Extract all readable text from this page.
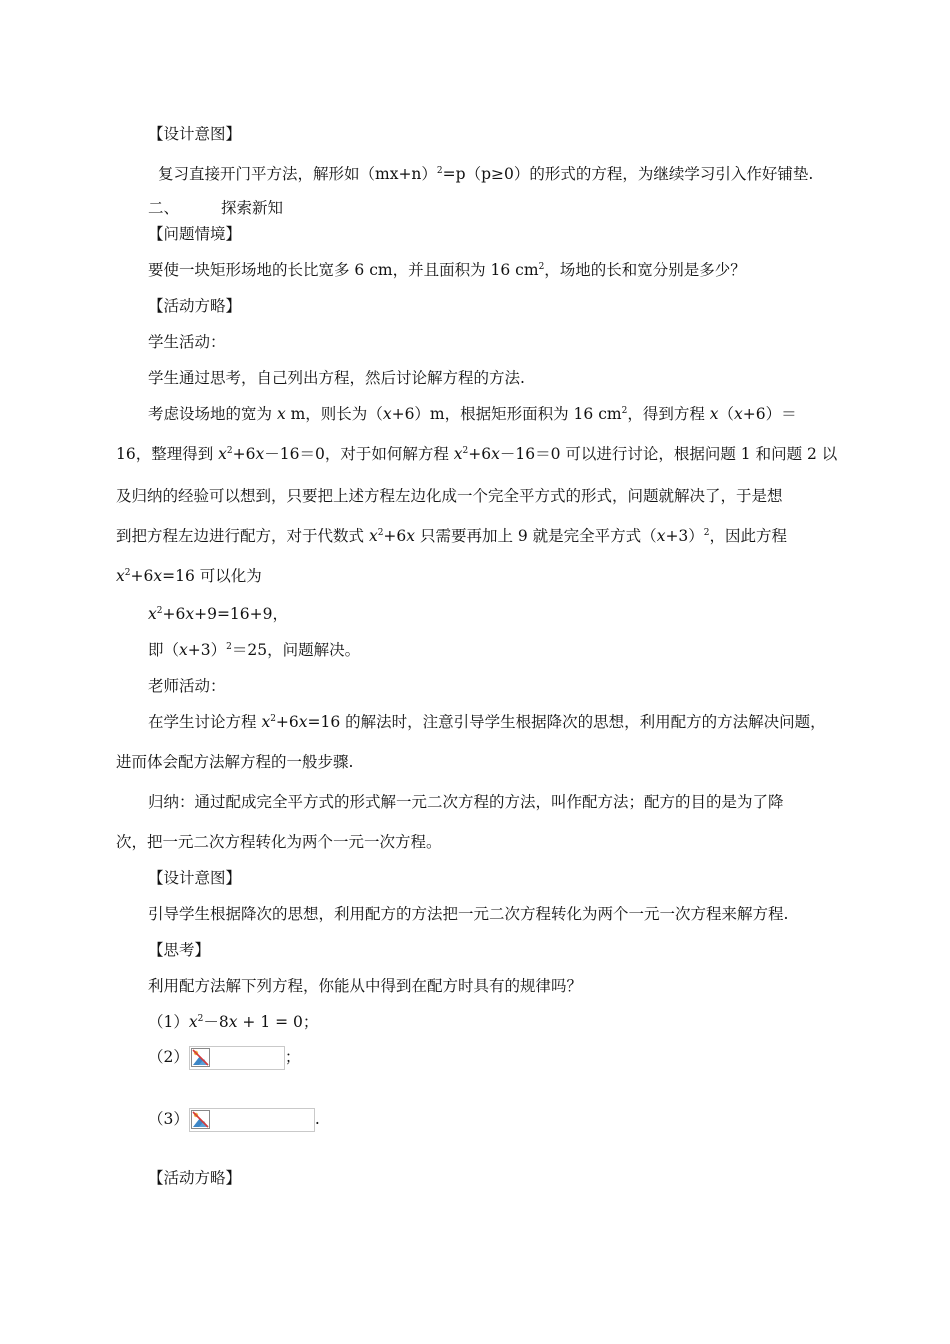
【设计意图】
复习直接开门平方法，解形如$(mx+n)^2=p(p\ge 0)$的形式的方程，为继续学习引入作好铺垫.
二、	探索新知
【问题情境】
要使一块矩形场地的长比宽多 6 cm，并且面积为 16 $cm^2$，场地的长和宽分别是多少？
【活动方略】
学生活动：
学生通过思考，自己列出方程，然后讨论解方程的方法.
考虑设场地的宽为 x m，则长为（x+6）m，根据矩形面积为 16 $cm^2$，得到方程 x（x+6）＝
16，整理得到 $x^2+6x-16=0$，对于如何解方程 $x^2+6x-16=0$ 可以进行讨论，根据问题 1 和问题 2 以
及归纳的经验可以想到，只要把上述方程左边化成一个完全平方式的形式，问题就解决了，于是想
到把方程左边进行配方，对于代数式 $x^2+6x$ 只需要再加上 9 就是完全平方式$(x+3)^2$，因此方程
$x^2+6x=16$ 可以化为
$x^2+6x+9=16+9$，
即$(x+3)^2=25$，问题解决。
老师活动：
在学生讨论方程 $x^2+6x=16$ 的解法时，注意引导学生根据降次的思想，利用配方的方法解决问题，
进而体会配方法解方程的一般步骤.
归纳：通过配成完全平方式的形式解一元二次方程的方法，叫作配方法；配方的目的是为了降
次，把一元二次方程转化为两个一元一次方程。
【设计意图】
引导学生根据降次的思想，利用配方的方法把一元二次方程转化为两个一元一次方程来解方程.
【思考】
利用配方法解下列方程，你能从中得到在配方时具有的规律吗？
$(1)x^2-8x + 1 = 0$；
（2）	；
（3）	.
【活动方略】
